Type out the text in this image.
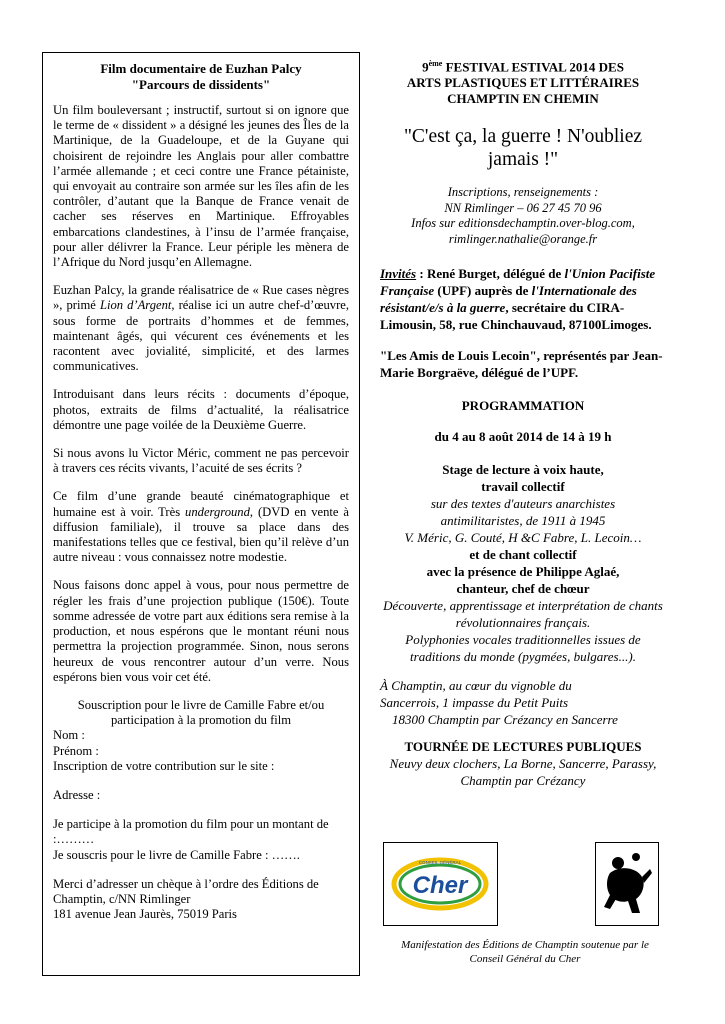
Film documentaire de Euzhan Palcy
"Parcours de dissidents"

Un film bouleversant ; instructif, surtout si on ignore que le terme de « dissident » a désigné les jeunes des Îles de la Martinique, de la Guadeloupe, et de la Guyane qui choisirent de rejoindre les Anglais pour aller combattre l’armée allemande ; et ceci contre une France pétainiste, qui envoyait au contraire son armée sur les îles afin de les contrôler, d’autant que la Banque de France venait de cacher ses réserves en Martinique. Effroyables embarcations clandestines, à l’insu de l’armée française, pour aller délivrer la France. Leur périple les mènera de l’Afrique du Nord jusqu’en Allemagne.

Euzhan Palcy, la grande réalisatrice de « Rue cases nègres », primé Lion d’Argent, réalise ici un autre chef-d’œuvre, sous forme de portraits d’hommes et de femmes, maintenant âgés, qui vécurent ces événements et les racontent avec jovialité, simplicité, et des larmes communicatives.

Introduisant dans leurs récits : documents d’époque, photos, extraits de films d’actualité, la réalisatrice démontre une page voilée de la Deuxième Guerre.

Si nous avons lu Victor Méric, comment ne pas percevoir à travers ces récits vivants, l’acuité de ses écrits ?

Ce film d’une grande beauté cinématographique et humaine est à voir. Très underground, (DVD en vente à diffusion familiale), il trouve sa place dans des manifestations telles que ce festival, bien qu’il relève d’un autre niveau : vous connaissez notre modestie.

Nous faisons donc appel à vous, pour nous permettre de régler les frais d’une projection publique (150€). Toute somme adressée de votre part aux éditions sera remise à la production, et nous espérons que le montant réuni nous permettra la projection programmée. Sinon, nous serons heureux de vous rencontrer autour d’un verre. Nous espérons bien vous voir cet été.

Souscription pour le livre de Camille Fabre et/ou participation à la promotion du film

Nom :
Prénom :
Inscription de votre contribution sur le site :
Adresse :
Je participe à la promotion du film pour un montant de :………
Je souscris pour le livre de Camille Fabre : …….
Merci d’adresser un chèque à l’ordre des Éditions de Champtin, c/NN Rimlinger
181 avenue Jean Jaurès, 75019 Paris
9ème FESTIVAL ESTIVAL 2014 DES
ARTS PLASTIQUES ET LITTÉRAIRES
CHAMPTIN EN CHEMIN
"C'est ça, la guerre ! N'oubliez jamais !"
Inscriptions, renseignements :
NN Rimlinger – 06 27 45 70 96
Infos sur editionsdechamptin.over-blog.com,
rimlinger.nathalie@orange.fr
Invités : René Burget, délégué de l'Union Pacifiste Française (UPF) auprès de l'Internationale des résistant/e/s à la guerre, secrétaire du CIRA-Limousin, 58, rue Chinchauvaud, 87100Limoges.
"Les Amis de Louis Lecoin", représentés par Jean-Marie Borgraëve, délégué de l’UPF.
PROGRAMMATION
du 4 au 8 août 2014 de 14 à 19 h
Stage de lecture à voix haute,
travail collectif
sur des textes d'auteurs anarchistes
antimilitaristes, de 1911 à 1945
V. Méric, G. Couté, H &C Fabre, L. Lecoin…
et de chant collectif
avec la présence de Philippe Aglaé,
chanteur, chef de chœur
Découverte, apprentissage et interprétation de chants révolutionnaires français.
Polyphonies vocales traditionnelles issues de traditions du monde (pygmées, bulgares...).
À Champtin, au cœur du vignoble du
Sancerrois, 1 impasse du Petit Puits
18300 Champtin par Crézancy en Sancerre
TOURNÉE DE LECTURES PUBLIQUES
Neuvy deux clochers, La Borne, Sancerre, Parassy, Champtin par Crézancy
CONSEIL GÉNÉRAL
Cher
Manifestation des Éditions de Champtin soutenue par le Conseil Général du Cher
